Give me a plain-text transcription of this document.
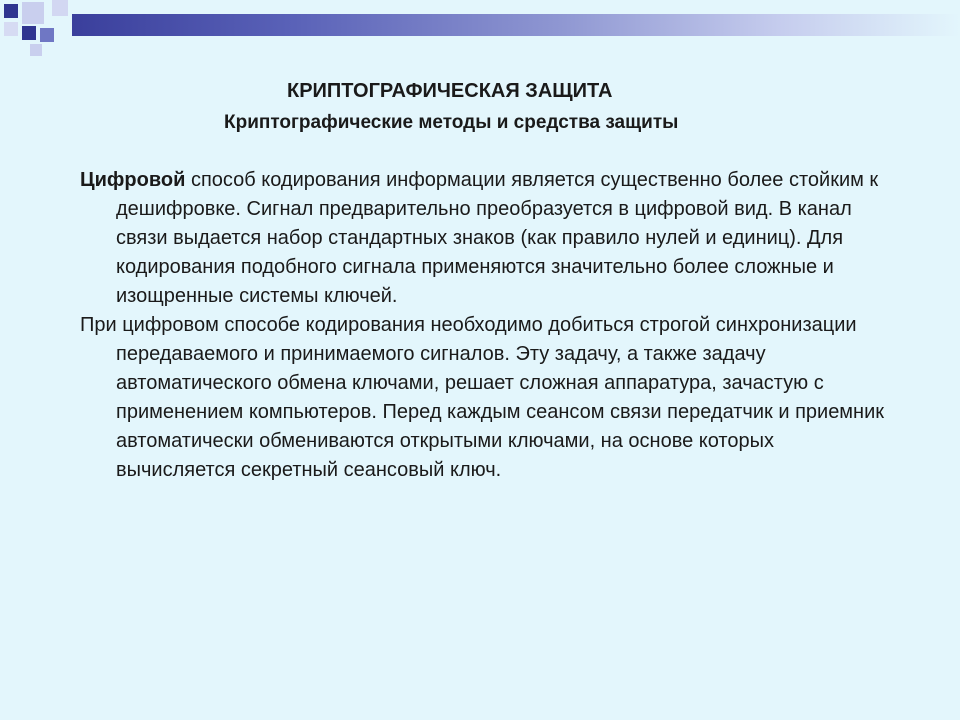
КРИПТОГРАФИЧЕСКАЯ ЗАЩИТА
Криптографические методы и средства защиты

Цифровой способ кодирования информации является существенно более стойким к дешифровке. Сигнал предварительно преобразуется в цифровой вид. В канал связи выдается набор стандартных знаков (как правило нулей и единиц). Для кодирования подобного сигнала применяются значительно более сложные и изощренные системы ключей.

При цифровом способе кодирования необходимо добиться строгой синхронизации передаваемого и принимаемого сигналов. Эту задачу, а также задачу автоматического обмена ключами, решает сложная аппаратура, зачастую с применением компьютеров. Перед каждым сеансом связи передатчик и приемник автоматически обмениваются открытыми ключами, на основе которых вычисляется секретный сеансовый ключ.
